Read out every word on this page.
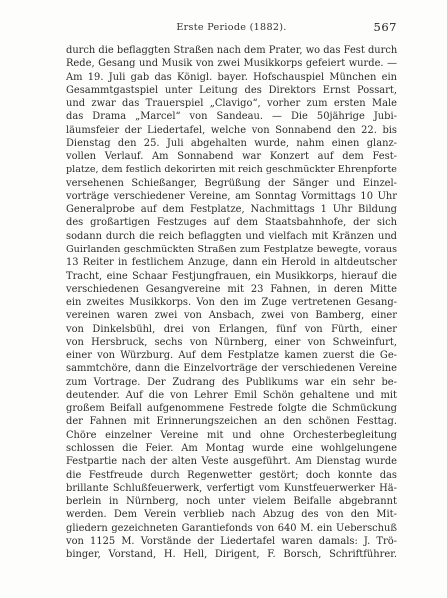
Erste Periode (1882).	567
durch die beflaggten Straßen nach dem Prater, wo das Fest durch
Rede, Gesang und Musik von zwei Musikkorps gefeiert wurde. —
Am 19. Juli gab das Königl. bayer. Hofschauspiel München ein
Gesammtgastspiel unter Leitung des Direktors Ernst Possart,
und zwar das Trauerspiel „Clavigo“, vorher zum ersten Male
das Drama „Marcel“ von Sandeau. — Die 50jährige Jubi-
läumsfeier der Liedertafel, welche von Sonnabend den 22. bis
Dienstag den 25. Juli abgehalten wurde, nahm einen glanz-
vollen Verlauf. Am Sonnabend war Konzert auf dem Fest-
platze, dem festlich dekorirten mit reich geschmückter Ehrenpforte
versehenen Schießanger, Begrüßung der Sänger und Einzel-
vorträge verschiedener Vereine, am Sonntag Vormittags 10 Uhr
Generalprobe auf dem Festplatze, Nachmittags 1 Uhr Bildung
des großartigen Festzuges auf dem Staatsbahnhofe, der sich
sodann durch die reich beflaggten und vielfach mit Kränzen und
Guirlanden geschmückten Straßen zum Festplatze bewegte, voraus
13 Reiter in festlichem Anzuge, dann ein Herold in altdeutscher
Tracht, eine Schaar Festjungfrauen, ein Musikkorps, hierauf die
verschiedenen Gesangvereine mit 23 Fahnen, in deren Mitte
ein zweites Musikkorps. Von den im Zuge vertretenen Gesang-
vereinen waren zwei von Ansbach, zwei von Bamberg, einer
von Dinkelsbühl, drei von Erlangen, fünf von Fürth, einer
von Hersbruck, sechs von Nürnberg, einer von Schweinfurt,
einer von Würzburg. Auf dem Festplatze kamen zuerst die Ge-
sammtchöre, dann die Einzelvorträge der verschiedenen Vereine
zum Vortrage. Der Zudrang des Publikums war ein sehr be-
deutender. Auf die von Lehrer Emil Schön gehaltene und mit
großem Beifall aufgenommene Festrede folgte die Schmückung
der Fahnen mit Erinnerungszeichen an den schönen Festtag.
Chöre einzelner Vereine mit und ohne Orchesterbegleitung
schlossen die Feier. Am Montag wurde eine wohlgelungene
Festpartie nach der alten Veste ausgeführt. Am Dienstag wurde
die Festfreude durch Regenwetter gestört; doch konnte das
brillante Schlußfeuerwerk, verfertigt vom Kunstfeuerwerker Hä-
berlein in Nürnberg, noch unter vielem Beifalle abgebrannt
werden. Dem Verein verblieb nach Abzug des von den Mit-
gliedern gezeichneten Garantiefonds von 640 M. ein Ueberschuß
von 1125 M. Vorstände der Liedertafel waren damals: J. Trö-
binger, Vorstand, H. Hell, Dirigent, F. Borsch, Schriftführer.
